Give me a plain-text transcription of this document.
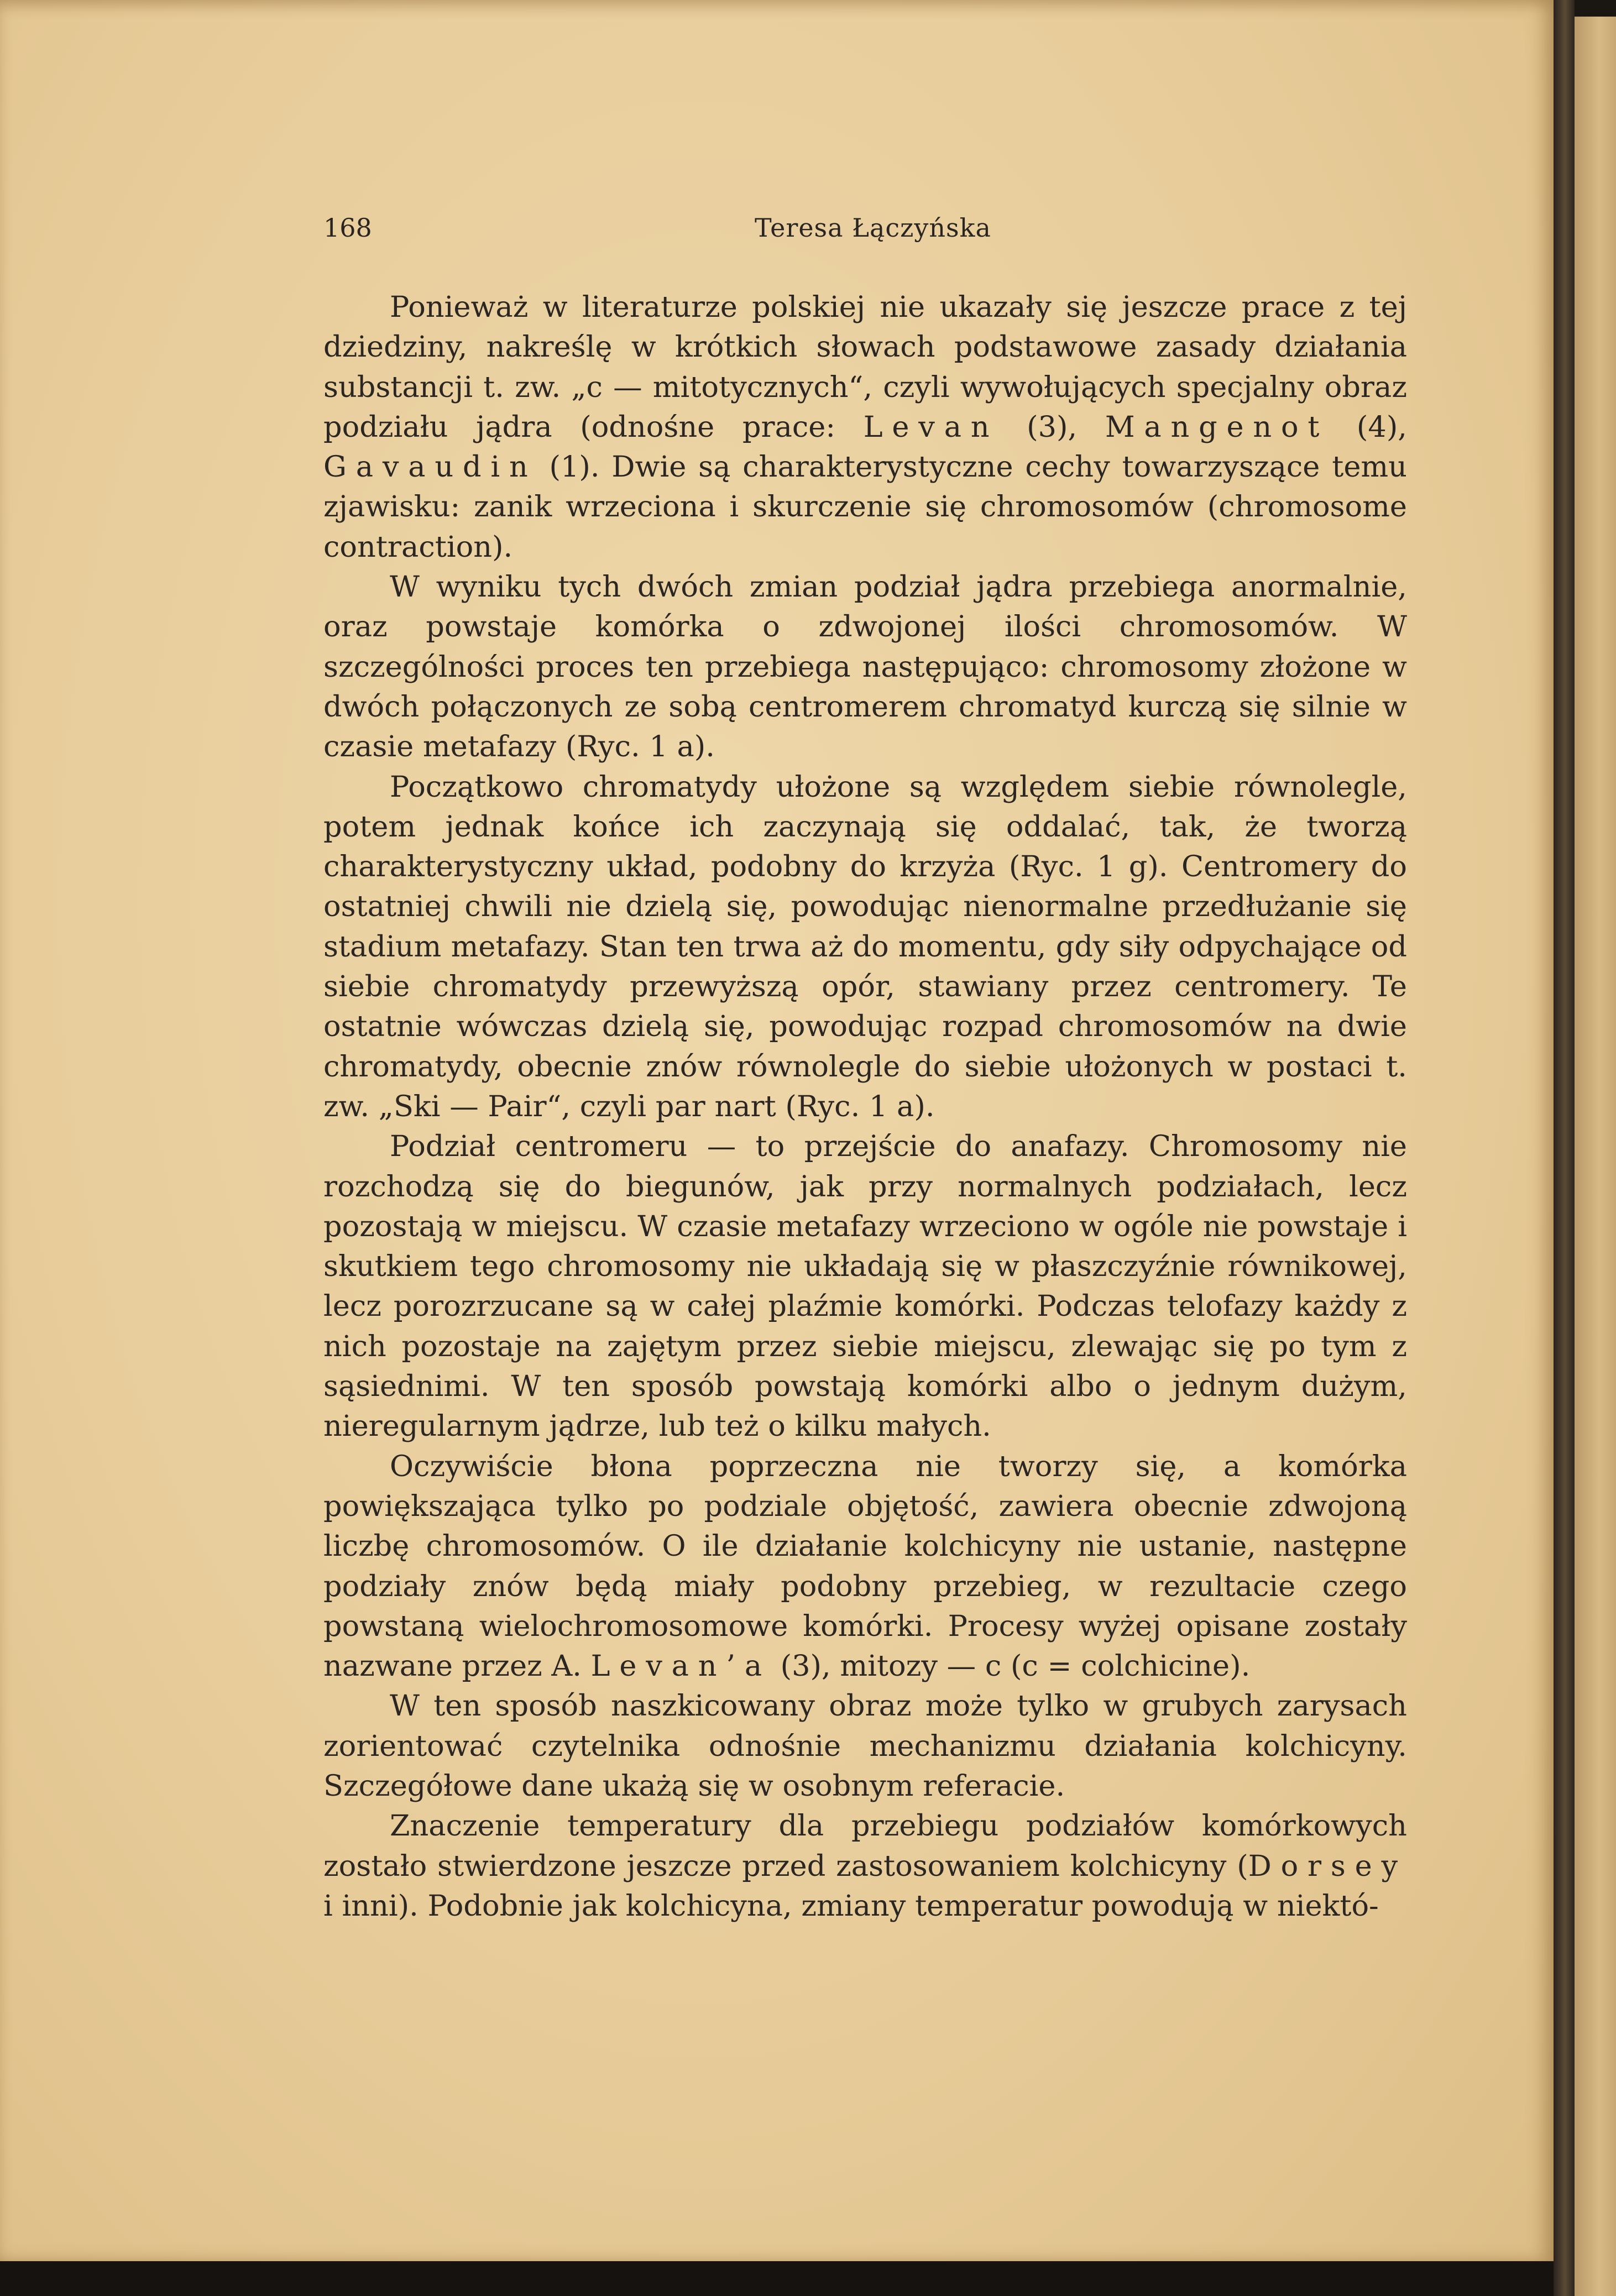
168	Teresa Łączyńska

Ponieważ w literaturze polskiej nie ukazały się jeszcze prace z tej dziedziny, nakreślę w krótkich słowach podstawowe zasady działania substancji t. zw. „c — mitotycznych“, czyli wywołujących specjalny obraz podziału jądra (odnośne prace: Levan (3), Mangenot (4), Gavaudin (1). Dwie są charakterystyczne cechy towarzyszące temu zjawisku: zanik wrzeciona i skurczenie się chromosomów (chromosome contraction).

W wyniku tych dwóch zmian podział jądra przebiega anormalnie, oraz powstaje komórka o zdwojonej ilości chromosomów. W szczególności proces ten przebiega następująco: chromosomy złożone w dwóch połączonych ze sobą centromerem chromatyd kurczą się silnie w czasie metafazy (Ryc. 1 a).

Początkowo chromatydy ułożone są względem siebie równolegle, potem jednak końce ich zaczynają się oddalać, tak, że tworzą charakterystyczny układ, podobny do krzyża (Ryc. 1 g). Centromery do ostatniej chwili nie dzielą się, powodując nienormalne przedłużanie się stadium metafazy. Stan ten trwa aż do momentu, gdy siły odpychające od siebie chromatydy przewyższą opór, stawiany przez centromery. Te ostatnie wówczas dzielą się, powodując rozpad chromosomów na dwie chromatydy, obecnie znów równolegle do siebie ułożonych w postaci t. zw. „Ski — Pair“, czyli par nart (Ryc. 1 a).

Podział centromeru — to przejście do anafazy. Chromosomy nie rozchodzą się do biegunów, jak przy normalnych podziałach, lecz pozostają w miejscu. W czasie metafazy wrzeciono w ogóle nie powstaje i skutkiem tego chromosomy nie układają się w płaszczyźnie równikowej, lecz porozrzucane są w całej plaźmie komórki. Podczas telofazy każdy z nich pozostaje na zajętym przez siebie miejscu, zlewając się po tym z sąsiednimi. W ten sposób powstają komórki albo o jednym dużym, nieregularnym jądrze, lub też o kilku małych.

Oczywiście błona poprzeczna nie tworzy się, a komórka powiększająca tylko po podziale objętość, zawiera obecnie zdwojoną liczbę chromosomów. O ile działanie kolchicyny nie ustanie, następne podziały znów będą miały podobny przebieg, w rezultacie czego powstaną wielochromosomowe komórki. Procesy wyżej opisane zostały nazwane przez A. Levan’a (3), mitozy — c (c = colchicine).

W ten sposób naszkicowany obraz może tylko w grubych zarysach zorientować czytelnika odnośnie mechanizmu działania kolchicyny. Szczegółowe dane ukażą się w osobnym referacie.

Znaczenie temperatury dla przebiegu podziałów komórkowych zostało stwierdzone jeszcze przed zastosowaniem kolchicyny (Dorsey i inni). Podobnie jak kolchicyna, zmiany temperatur powodują w niektó-
